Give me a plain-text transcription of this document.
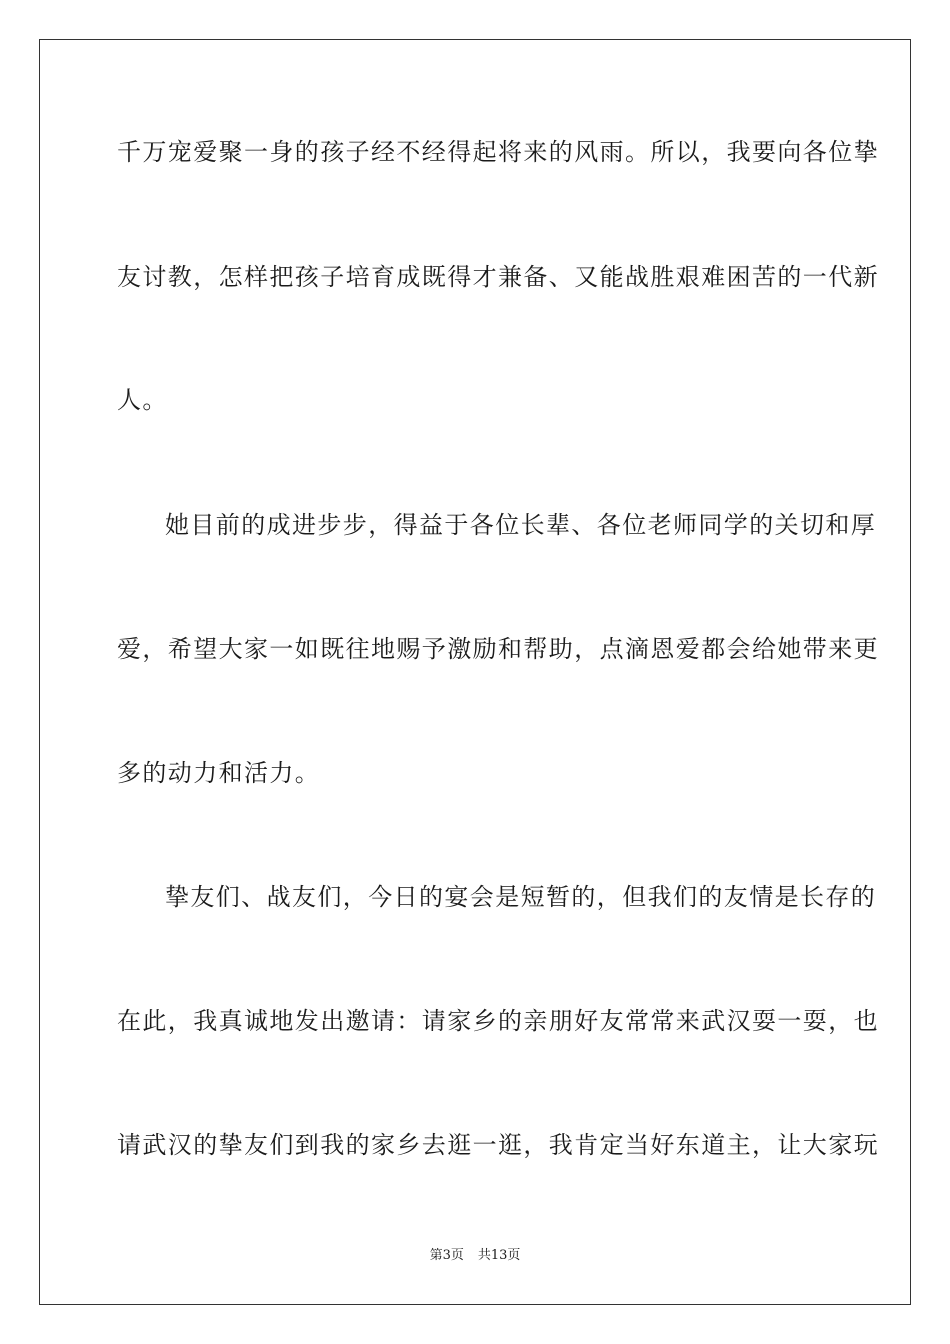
千万宠爱聚一身的孩子经不经得起将来的风雨。所以，我要向各位挚
友讨教，怎样把孩子培育成既得才兼备、又能战胜艰难困苦的一代新
人。
她目前的成进步步，得益于各位长辈、各位老师同学的关切和厚
爱，希望大家一如既往地赐予激励和帮助，点滴恩爱都会给她带来更
多的动力和活力。
挚友们、战友们，今日的宴会是短暂的，但我们的友情是长存的
在此，我真诚地发出邀请：请家乡的亲朋好友常常来武汉耍一耍，也
请武汉的挚友们到我的家乡去逛一逛，我肯定当好东道主，让大家玩
第3页 共13页
